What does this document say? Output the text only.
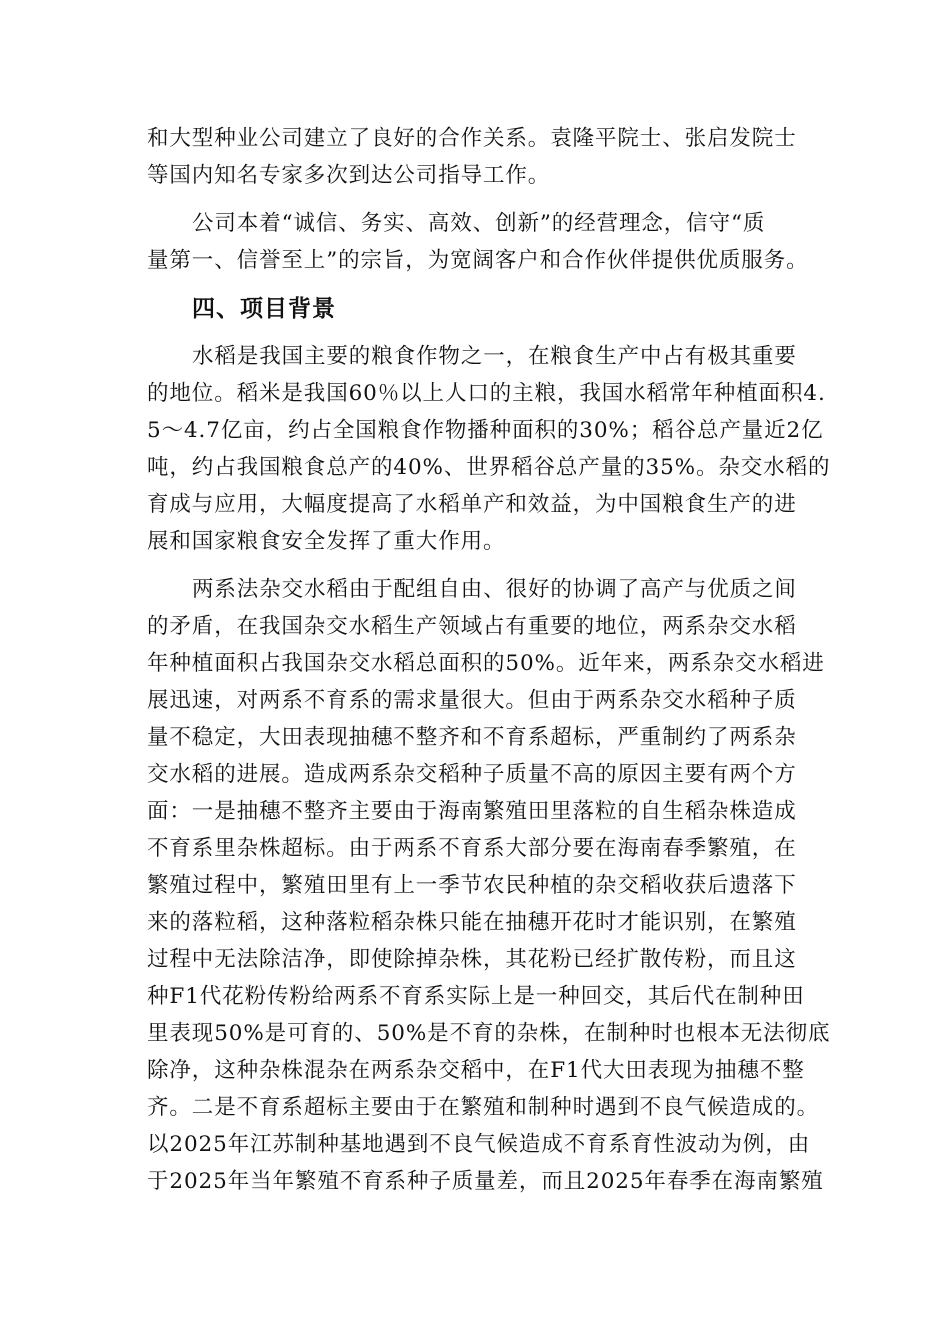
和大型种业公司建立了良好的合作关系。袁隆平院士、张启发院士
等国内知名专家多次到达公司指导工作。
公司本着“诚信、务实、高效、创新”的经营理念，信守“质
量第一、信誉至上”的宗旨，为宽阔客户和合作伙伴提供优质服务。
四、项目背景
水稻是我国主要的粮食作物之一，在粮食生产中占有极其重要
的地位。稻米是我国60％以上人口的主粮，我国水稻常年种植面积4.
5～4.7亿亩，约占全国粮食作物播种面积的30%；稻谷总产量近2亿
吨，约占我国粮食总产的40%、世界稻谷总产量的35%。杂交水稻的
育成与应用，大幅度提高了水稻单产和效益，为中国粮食生产的进
展和国家粮食安全发挥了重大作用。
两系法杂交水稻由于配组自由、很好的协调了高产与优质之间
的矛盾，在我国杂交水稻生产领域占有重要的地位，两系杂交水稻
年种植面积占我国杂交水稻总面积的50%。近年来，两系杂交水稻进
展迅速，对两系不育系的需求量很大。但由于两系杂交水稻种子质
量不稳定，大田表现抽穗不整齐和不育系超标，严重制约了两系杂
交水稻的进展。造成两系杂交稻种子质量不高的原因主要有两个方
面：一是抽穗不整齐主要由于海南繁殖田里落粒的自生稻杂株造成
不育系里杂株超标。由于两系不育系大部分要在海南春季繁殖，在
繁殖过程中，繁殖田里有上一季节农民种植的杂交稻收获后遗落下
来的落粒稻，这种落粒稻杂株只能在抽穗开花时才能识别，在繁殖
过程中无法除洁净，即使除掉杂株，其花粉已经扩散传粉，而且这
种F1代花粉传粉给两系不育系实际上是一种回交，其后代在制种田
里表现50%是可育的、50%是不育的杂株，在制种时也根本无法彻底
除净，这种杂株混杂在两系杂交稻中，在F1代大田表现为抽穗不整
齐。二是不育系超标主要由于在繁殖和制种时遇到不良气候造成的。
以2025年江苏制种基地遇到不良气候造成不育系育性波动为例，由
于2025年当年繁殖不育系种子质量差，而且2025年春季在海南繁殖
